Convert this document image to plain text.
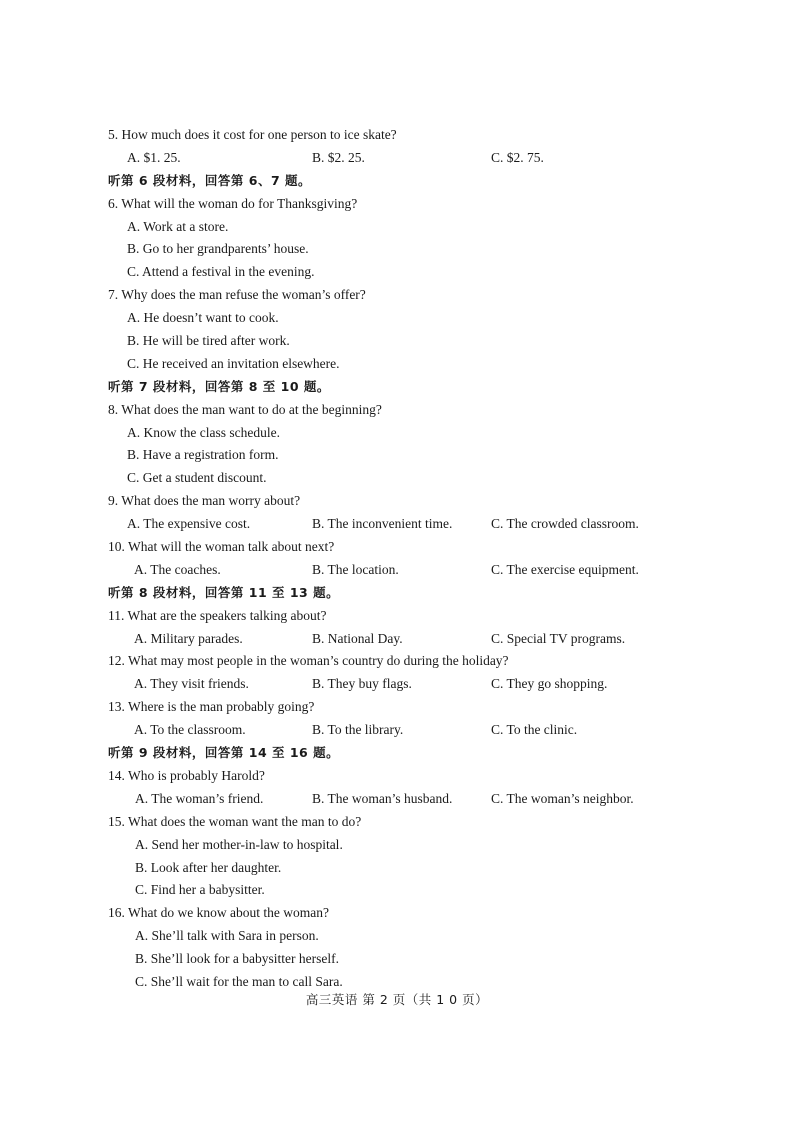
5. How much does it cost for one person to ice skate?
A. $1. 25.	B. $2. 25.	C. $2. 75.
听第 6 段材料，回答第 6、7 题。
6. What will the woman do for Thanksgiving?
A. Work at a store.
B. Go to her grandparents’ house.
C. Attend a festival in the evening.
7. Why does the man refuse the woman’s offer?
A. He doesn’t want to cook.
B. He will be tired after work.
C. He received an invitation elsewhere.
听第 7 段材料，回答第 8 至 10 题。
8. What does the man want to do at the beginning?
A. Know the class schedule.
B. Have a registration form.
C. Get a student discount.
9. What does the man worry about?
A. The expensive cost.	B. The inconvenient time.	C. The crowded classroom.
10. What will the woman talk about next?
A. The coaches.	B. The location.	C. The exercise equipment.
听第 8 段材料，回答第 11 至 13 题。
11. What are the speakers talking about?
A. Military parades.	B. National Day.	C. Special TV programs.
12. What may most people in the woman’s country do during the holiday?
A. They visit friends.	B. They buy flags.	C. They go shopping.
13. Where is the man probably going?
A. To the classroom.	B. To the library.	C. To the clinic.
听第 9 段材料，回答第 14 至 16 题。
14. Who is probably Harold?
A. The woman’s friend.	B. The woman’s husband.	C. The woman’s neighbor.
15. What does the woman want the man to do?
A. Send her mother-in-law to hospital.
B. Look after her daughter.
C. Find her a babysitter.
16. What do we know about the woman?
A. She’ll talk with Sara in person.
B. She’ll look for a babysitter herself.
C. She’ll wait for the man to call Sara.
高三英语 第 2 页（共 1 0 页）
